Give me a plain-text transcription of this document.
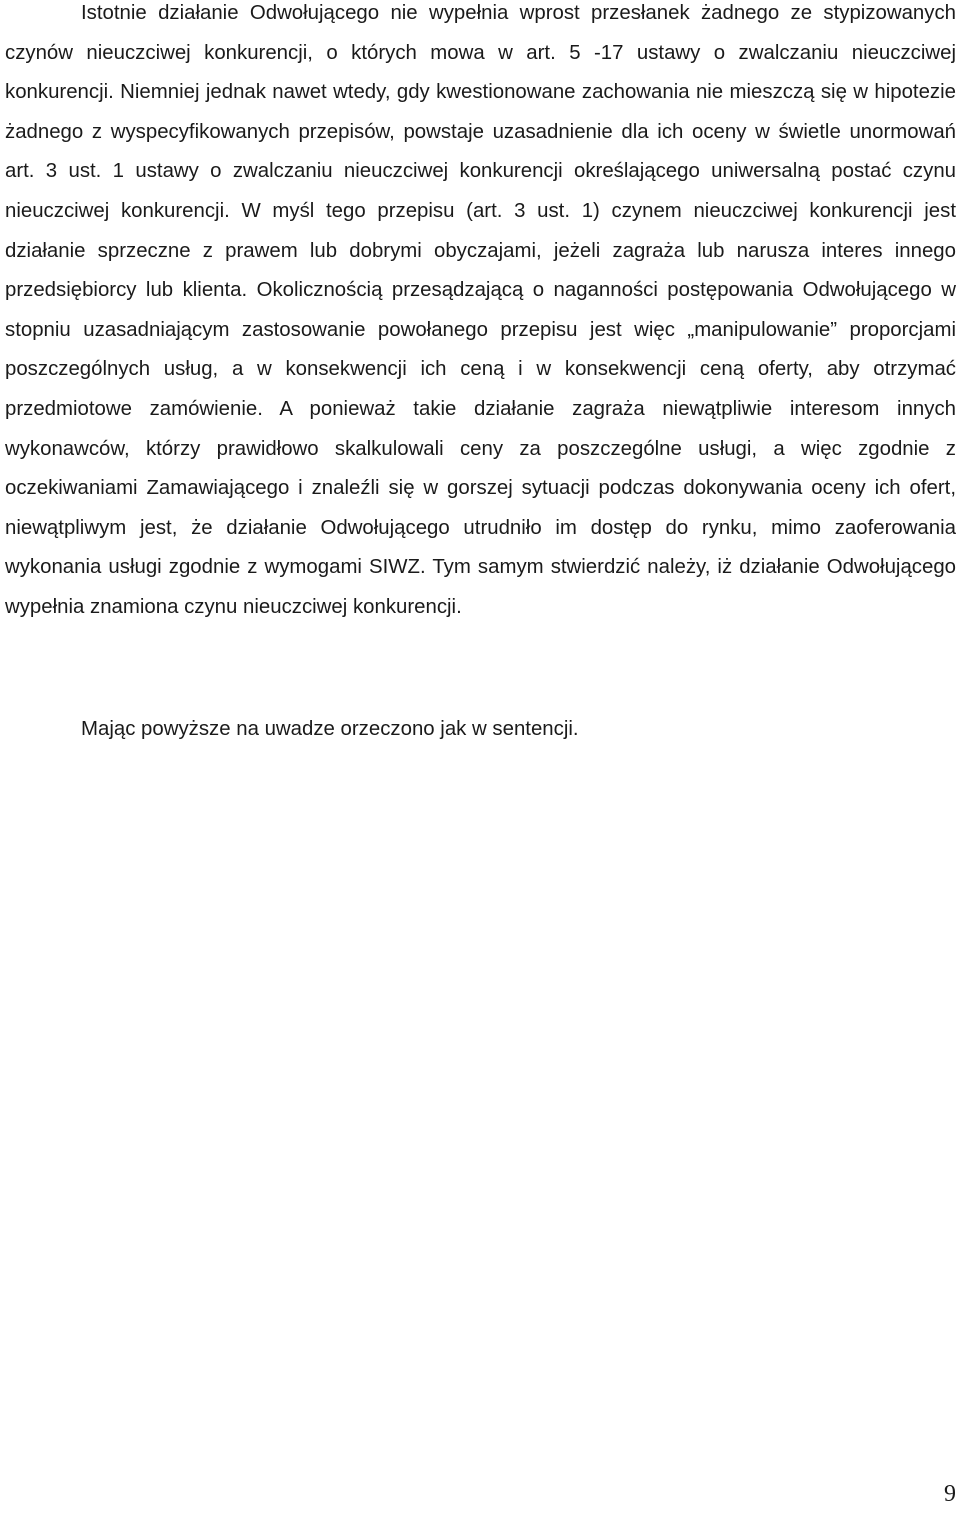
Istotnie działanie Odwołującego nie wypełnia wprost przesłanek żadnego ze stypizowanych czynów nieuczciwej konkurencji, o których mowa w art. 5 -17 ustawy o zwalczaniu nieuczciwej konkurencji. Niemniej jednak nawet wtedy, gdy kwestionowane zachowania nie mieszczą się w hipotezie żadnego z wyspecyfikowanych przepisów, powstaje uzasadnienie dla ich oceny w świetle unormowań art. 3 ust. 1 ustawy o zwalczaniu nieuczciwej konkurencji określającego uniwersalną postać czynu nieuczciwej konkurencji. W myśl tego przepisu (art. 3 ust. 1) czynem nieuczciwej konkurencji jest działanie sprzeczne z prawem lub dobrymi obyczajami, jeżeli zagraża lub narusza interes innego przedsiębiorcy lub klienta. Okolicznością przesądzającą o naganności postępowania Odwołującego w stopniu uzasadniającym zastosowanie powołanego przepisu jest więc „manipulowanie” proporcjami poszczególnych usług, a w konsekwencji ich ceną i w konsekwencji ceną oferty, aby otrzymać przedmiotowe zamówienie. A ponieważ takie działanie zagraża niewątpliwie interesom innych wykonawców, którzy prawidłowo skalkulowali ceny za poszczególne usługi, a więc zgodnie z oczekiwaniami Zamawiającego i znaleźli się w gorszej sytuacji podczas dokonywania oceny ich ofert, niewątpliwym jest, że działanie Odwołującego utrudniło im dostęp do rynku, mimo zaoferowania wykonania usługi zgodnie z wymogami SIWZ. Tym samym stwierdzić należy, iż działanie Odwołującego wypełnia znamiona czynu nieuczciwej konkurencji.

Mając powyższe na uwadze orzeczono jak w sentencji.

9
